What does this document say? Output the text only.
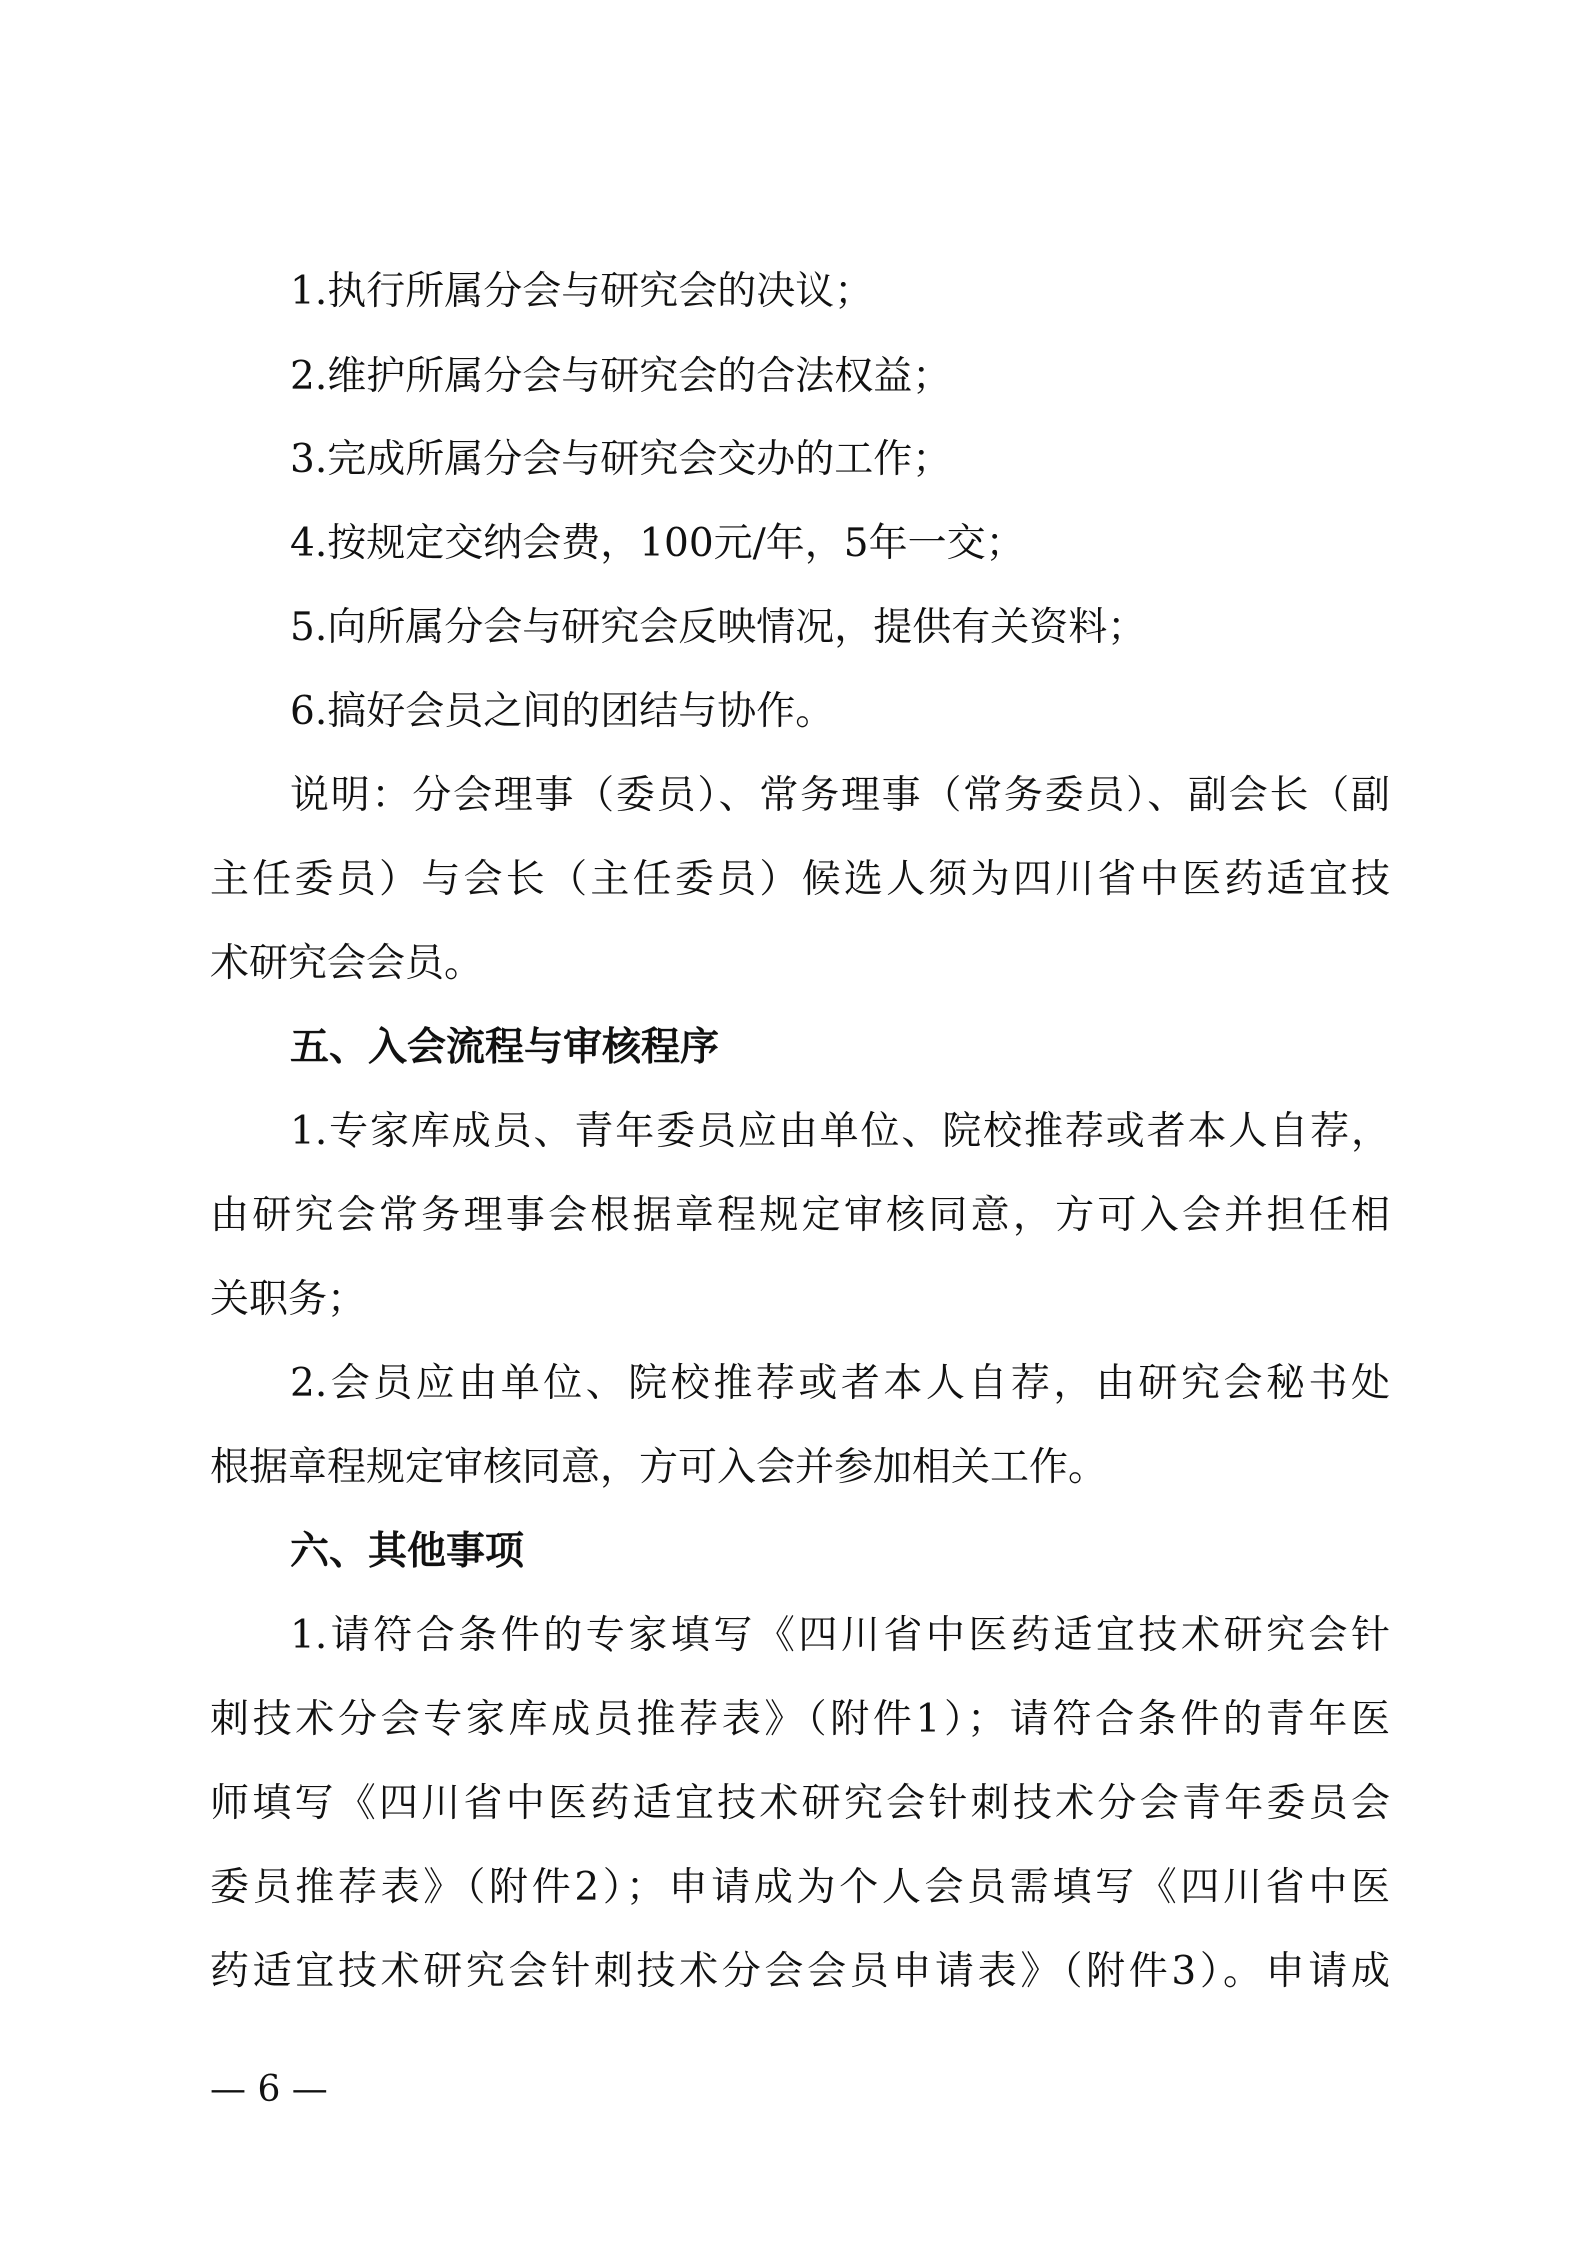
1.执行所属分会与研究会的决议；
2.维护所属分会与研究会的合法权益；
3.完成所属分会与研究会交办的工作；
4.按规定交纳会费，100元/年，5年一交；
5.向所属分会与研究会反映情况，提供有关资料；
6.搞好会员之间的团结与协作。
说明：分会理事（委员）、常务理事（常务委员）、副会长（副
主任委员）与会长（主任委员）候选人须为四川省中医药适宜技
术研究会会员。
五、入会流程与审核程序
1.专家库成员、青年委员应由单位、院校推荐或者本人自荐，
由研究会常务理事会根据章程规定审核同意，方可入会并担任相
关职务；
2.会员应由单位、院校推荐或者本人自荐，由研究会秘书处
根据章程规定审核同意，方可入会并参加相关工作。
六、其他事项
1.请符合条件的专家填写《四川省中医药适宜技术研究会针
刺技术分会专家库成员推荐表》（附件1）；请符合条件的青年医
师填写《四川省中医药适宜技术研究会针刺技术分会青年委员会
委员推荐表》（附件2）；申请成为个人会员需填写《四川省中医
药适宜技术研究会针刺技术分会会员申请表》（附件3）。申请成
— 6 —
